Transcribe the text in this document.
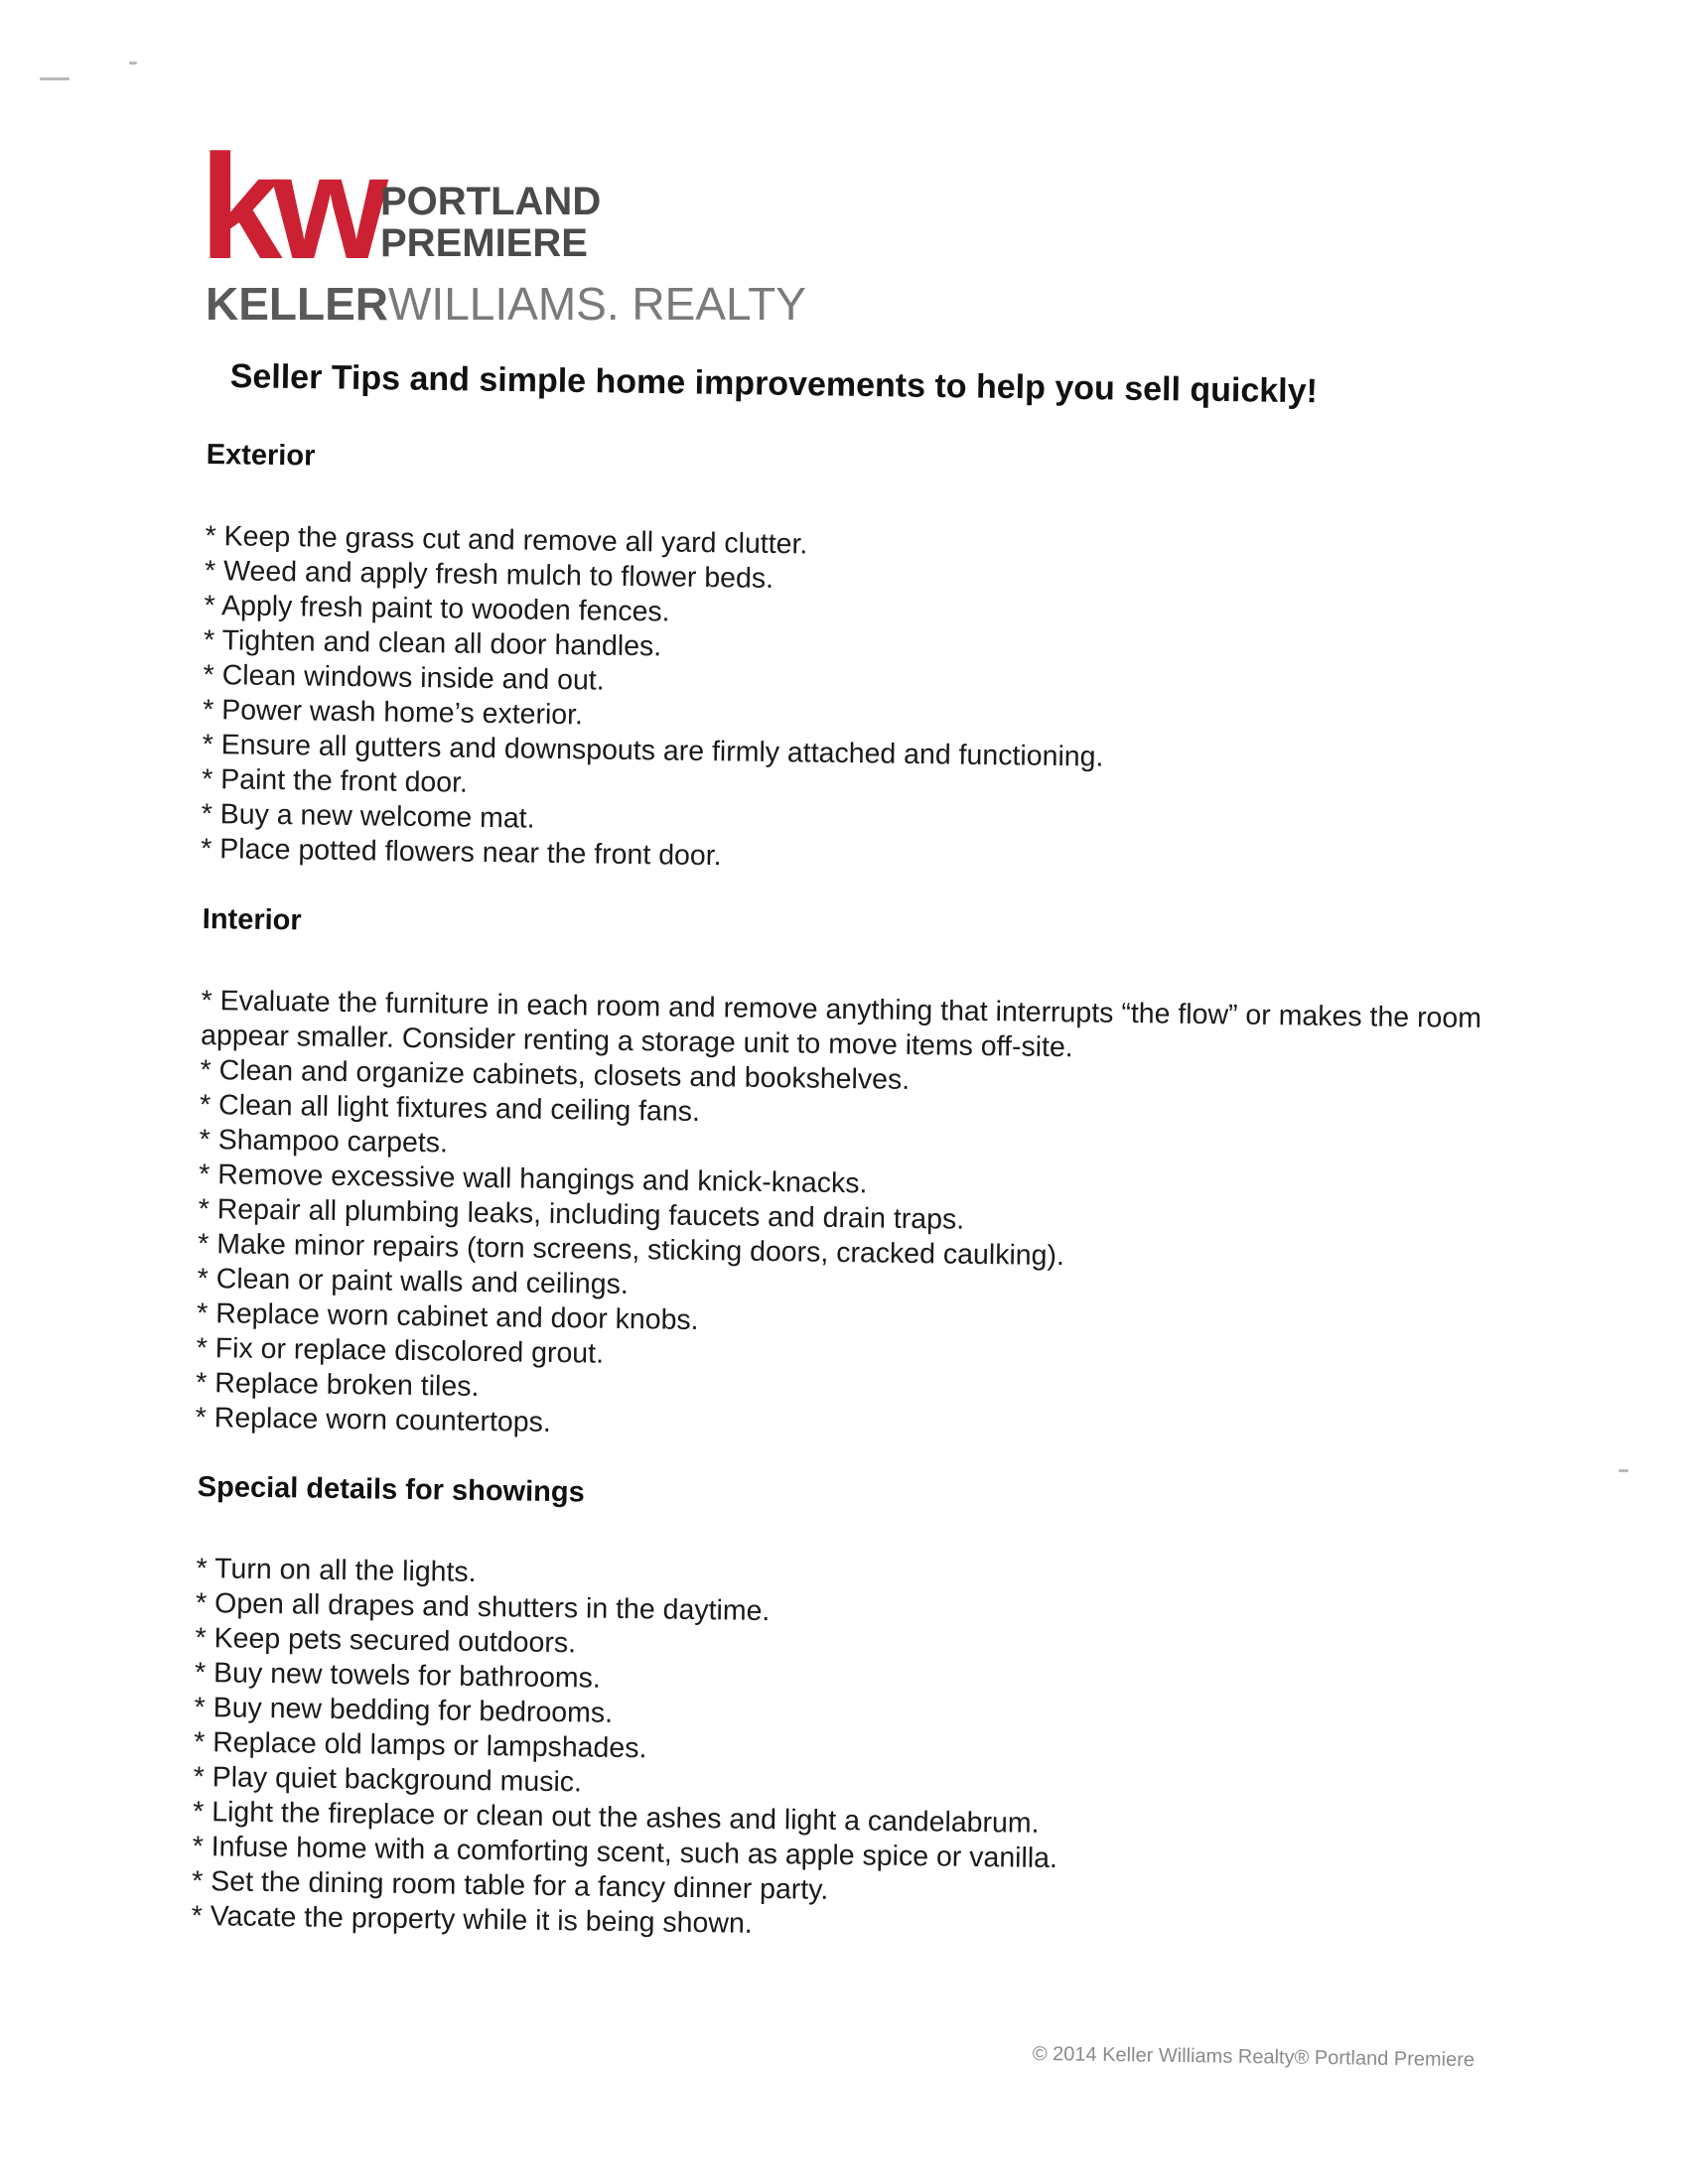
kw PORTLAND
PREMIERE
KELLERWILLIAMS. REALTY
Seller Tips and simple home improvements to help you sell quickly!
Exterior
* Keep the grass cut and remove all yard clutter.
* Weed and apply fresh mulch to flower beds.
* Apply fresh paint to wooden fences.
* Tighten and clean all door handles.
* Clean windows inside and out.
* Power wash home’s exterior.
* Ensure all gutters and downspouts are firmly attached and functioning.
* Paint the front door.
* Buy a new welcome mat.
* Place potted flowers near the front door.
Interior
* Evaluate the furniture in each room and remove anything that interrupts “the flow” or makes the room appear smaller. Consider renting a storage unit to move items off-site.
* Clean and organize cabinets, closets and bookshelves.
* Clean all light fixtures and ceiling fans.
* Shampoo carpets.
* Remove excessive wall hangings and knick-knacks.
* Repair all plumbing leaks, including faucets and drain traps.
* Make minor repairs (torn screens, sticking doors, cracked caulking).
* Clean or paint walls and ceilings.
* Replace worn cabinet and door knobs.
* Fix or replace discolored grout.
* Replace broken tiles.
* Replace worn countertops.
Special details for showings
* Turn on all the lights.
* Open all drapes and shutters in the daytime.
* Keep pets secured outdoors.
* Buy new towels for bathrooms.
* Buy new bedding for bedrooms.
* Replace old lamps or lampshades.
* Play quiet background music.
* Light the fireplace or clean out the ashes and light a candelabrum.
* Infuse home with a comforting scent, such as apple spice or vanilla.
* Set the dining room table for a fancy dinner party.
* Vacate the property while it is being shown.
© 2014 Keller Williams Realty® Portland Premiere
